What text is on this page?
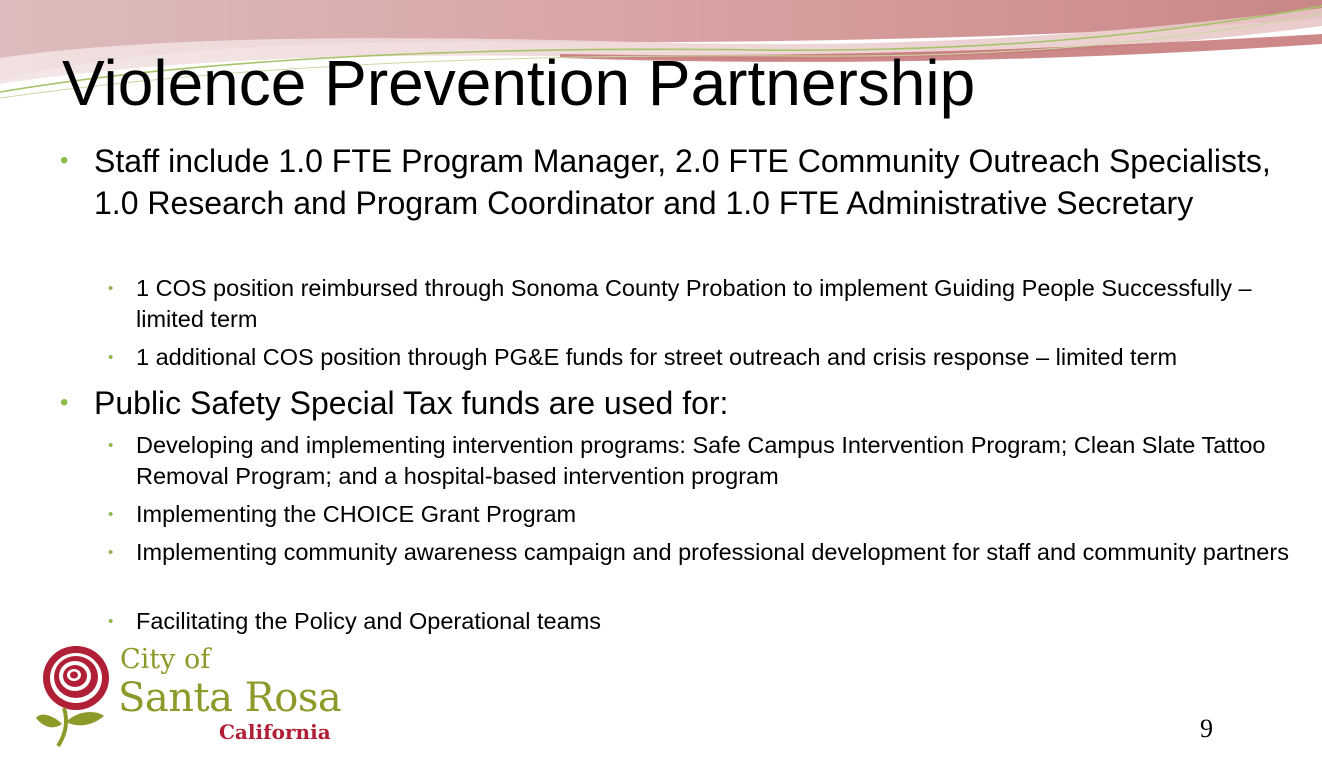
Violence Prevention Partnership
• Staff include 1.0 FTE Program Manager, 2.0 FTE Community Outreach Specialists, 1.0 Research and Program Coordinator and 1.0 FTE Administrative Secretary
• 1 COS position reimbursed through Sonoma County Probation to implement Guiding People Successfully – limited term
• 1 additional COS position through PG&E funds for street outreach and crisis response – limited term
• Public Safety Special Tax funds are used for:
• Developing and implementing intervention programs: Safe Campus Intervention Program; Clean Slate Tattoo Removal Program; and a hospital-based intervention program
• Implementing the CHOICE Grant Program
• Implementing community awareness campaign and professional development for staff and community partners
• Facilitating the Policy and Operational teams
City of
Santa Rosa
California	9
